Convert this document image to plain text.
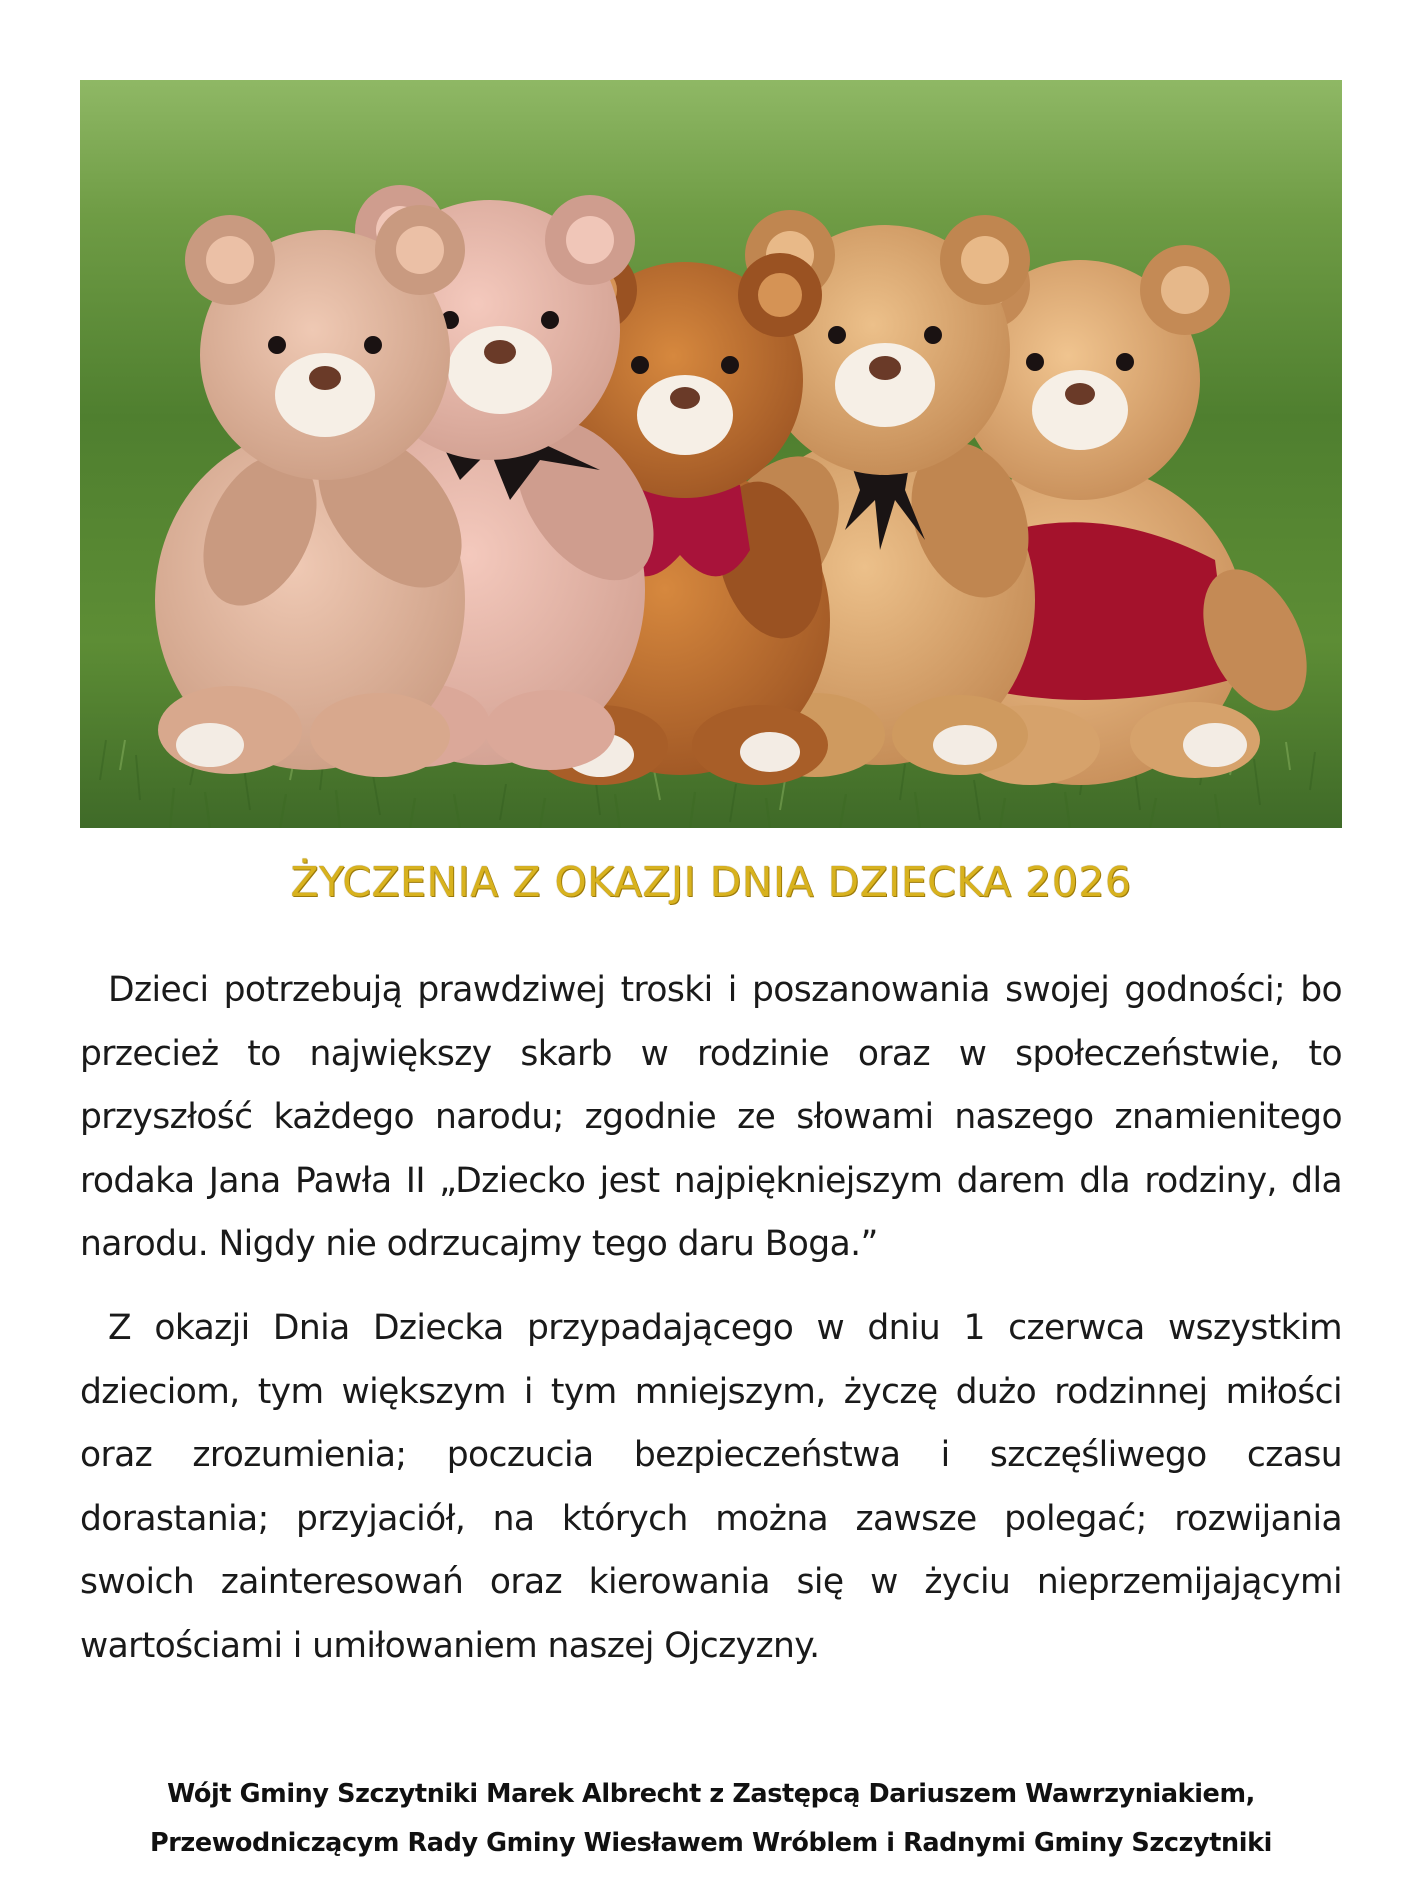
ŻYCZENIA Z OKAZJI DNIA DZIECKA 2026

Dzieci potrzebują prawdziwej troski i poszanowania swojej godności; bo przecież to największy skarb w rodzinie oraz w społeczeństwie, to przyszłość każdego narodu; zgodnie ze słowami naszego znamienitego rodaka Jana Pawła II „Dziecko jest najpiękniejszym darem dla rodziny, dla narodu. Nigdy nie odrzucajmy tego daru Boga.”

Z okazji Dnia Dziecka przypadającego w dniu 1 czerwca wszystkim dzieciom, tym większym i tym mniejszym, życzę dużo rodzinnej miłości oraz zrozumienia; poczucia bezpieczeństwa i szczęśliwego czasu dorastania; przyjaciół, na których można zawsze polegać; rozwijania swoich zainteresowań oraz kierowania się w życiu nieprzemijającymi wartościami i umiłowaniem naszej Ojczyzny.

Wójt Gminy Szczytniki Marek Albrecht z Zastępcą Dariuszem Wawrzyniakiem,
Przewodniczącym Rady Gminy Wiesławem Wróblem i Radnymi Gminy Szczytniki
